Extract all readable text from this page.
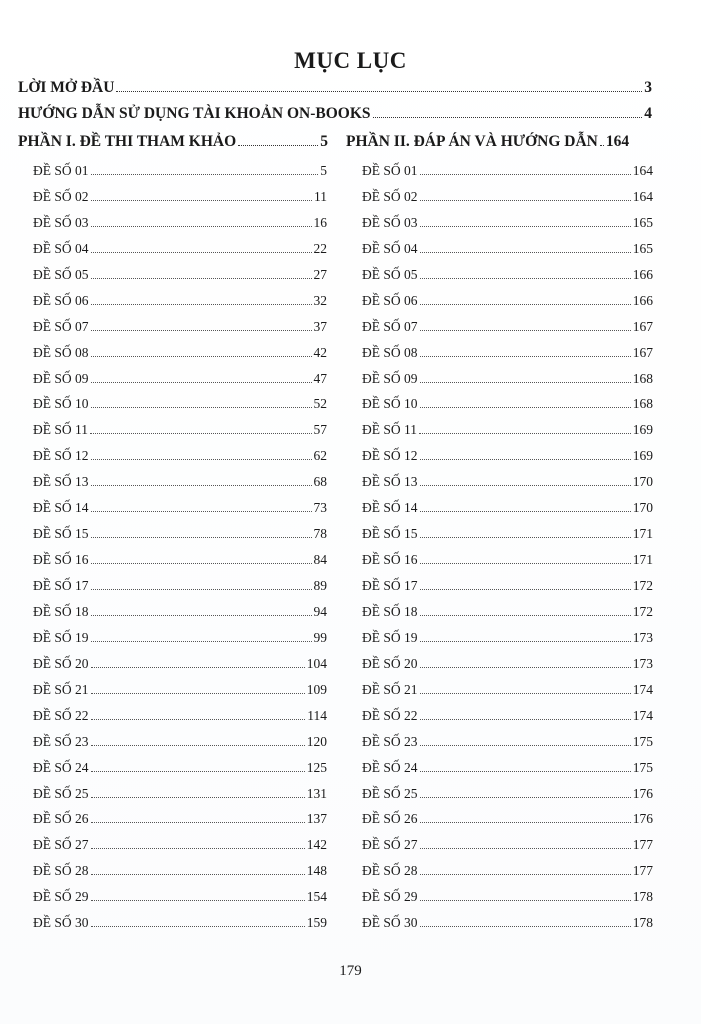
MỤC LỤC
LỜI MỞ ĐẦU	3
HƯỚNG DẪN SỬ DỤNG TÀI KHOẢN ON-BOOKS	4
PHẦN I. ĐỀ THI THAM KHẢO	5 PHẦN II. ĐÁP ÁN VÀ HƯỚNG DẪN 164
ĐỀ SỐ 01	5
ĐỀ SỐ 02	11
ĐỀ SỐ 03	16
ĐỀ SỐ 04	22
ĐỀ SỐ 05	27
ĐỀ SỐ 06	32
ĐỀ SỐ 07	37
ĐỀ SỐ 08	42
ĐỀ SỐ 09	47
ĐỀ SỐ 10	52
ĐỀ SỐ 11	57
ĐỀ SỐ 12	62
ĐỀ SỐ 13	68
ĐỀ SỐ 14	73
ĐỀ SỐ 15	78
ĐỀ SỐ 16	84
ĐỀ SỐ 17	89
ĐỀ SỐ 18	94
ĐỀ SỐ 19	99
ĐỀ SỐ 20	104
ĐỀ SỐ 21	109
ĐỀ SỐ 22	114
ĐỀ SỐ 23	120
ĐỀ SỐ 24	125
ĐỀ SỐ 25	131
ĐỀ SỐ 26	137
ĐỀ SỐ 27	142
ĐỀ SỐ 28	148
ĐỀ SỐ 29	154
ĐỀ SỐ 30	159
ĐỀ SỐ 01	164
ĐỀ SỐ 02	164
ĐỀ SỐ 03	165
ĐỀ SỐ 04	165
ĐỀ SỐ 05	166
ĐỀ SỐ 06	166
ĐỀ SỐ 07	167
ĐỀ SỐ 08	167
ĐỀ SỐ 09	168
ĐỀ SỐ 10	168
ĐỀ SỐ 11	169
ĐỀ SỐ 12	169
ĐỀ SỐ 13	170
ĐỀ SỐ 14	170
ĐỀ SỐ 15	171
ĐỀ SỐ 16	171
ĐỀ SỐ 17	172
ĐỀ SỐ 18	172
ĐỀ SỐ 19	173
ĐỀ SỐ 20	173
ĐỀ SỐ 21	174
ĐỀ SỐ 22	174
ĐỀ SỐ 23	175
ĐỀ SỐ 24	175
ĐỀ SỐ 25	176
ĐỀ SỐ 26	176
ĐỀ SỐ 27	177
ĐỀ SỐ 28	177
ĐỀ SỐ 29	178
ĐỀ SỐ 30	178
179
